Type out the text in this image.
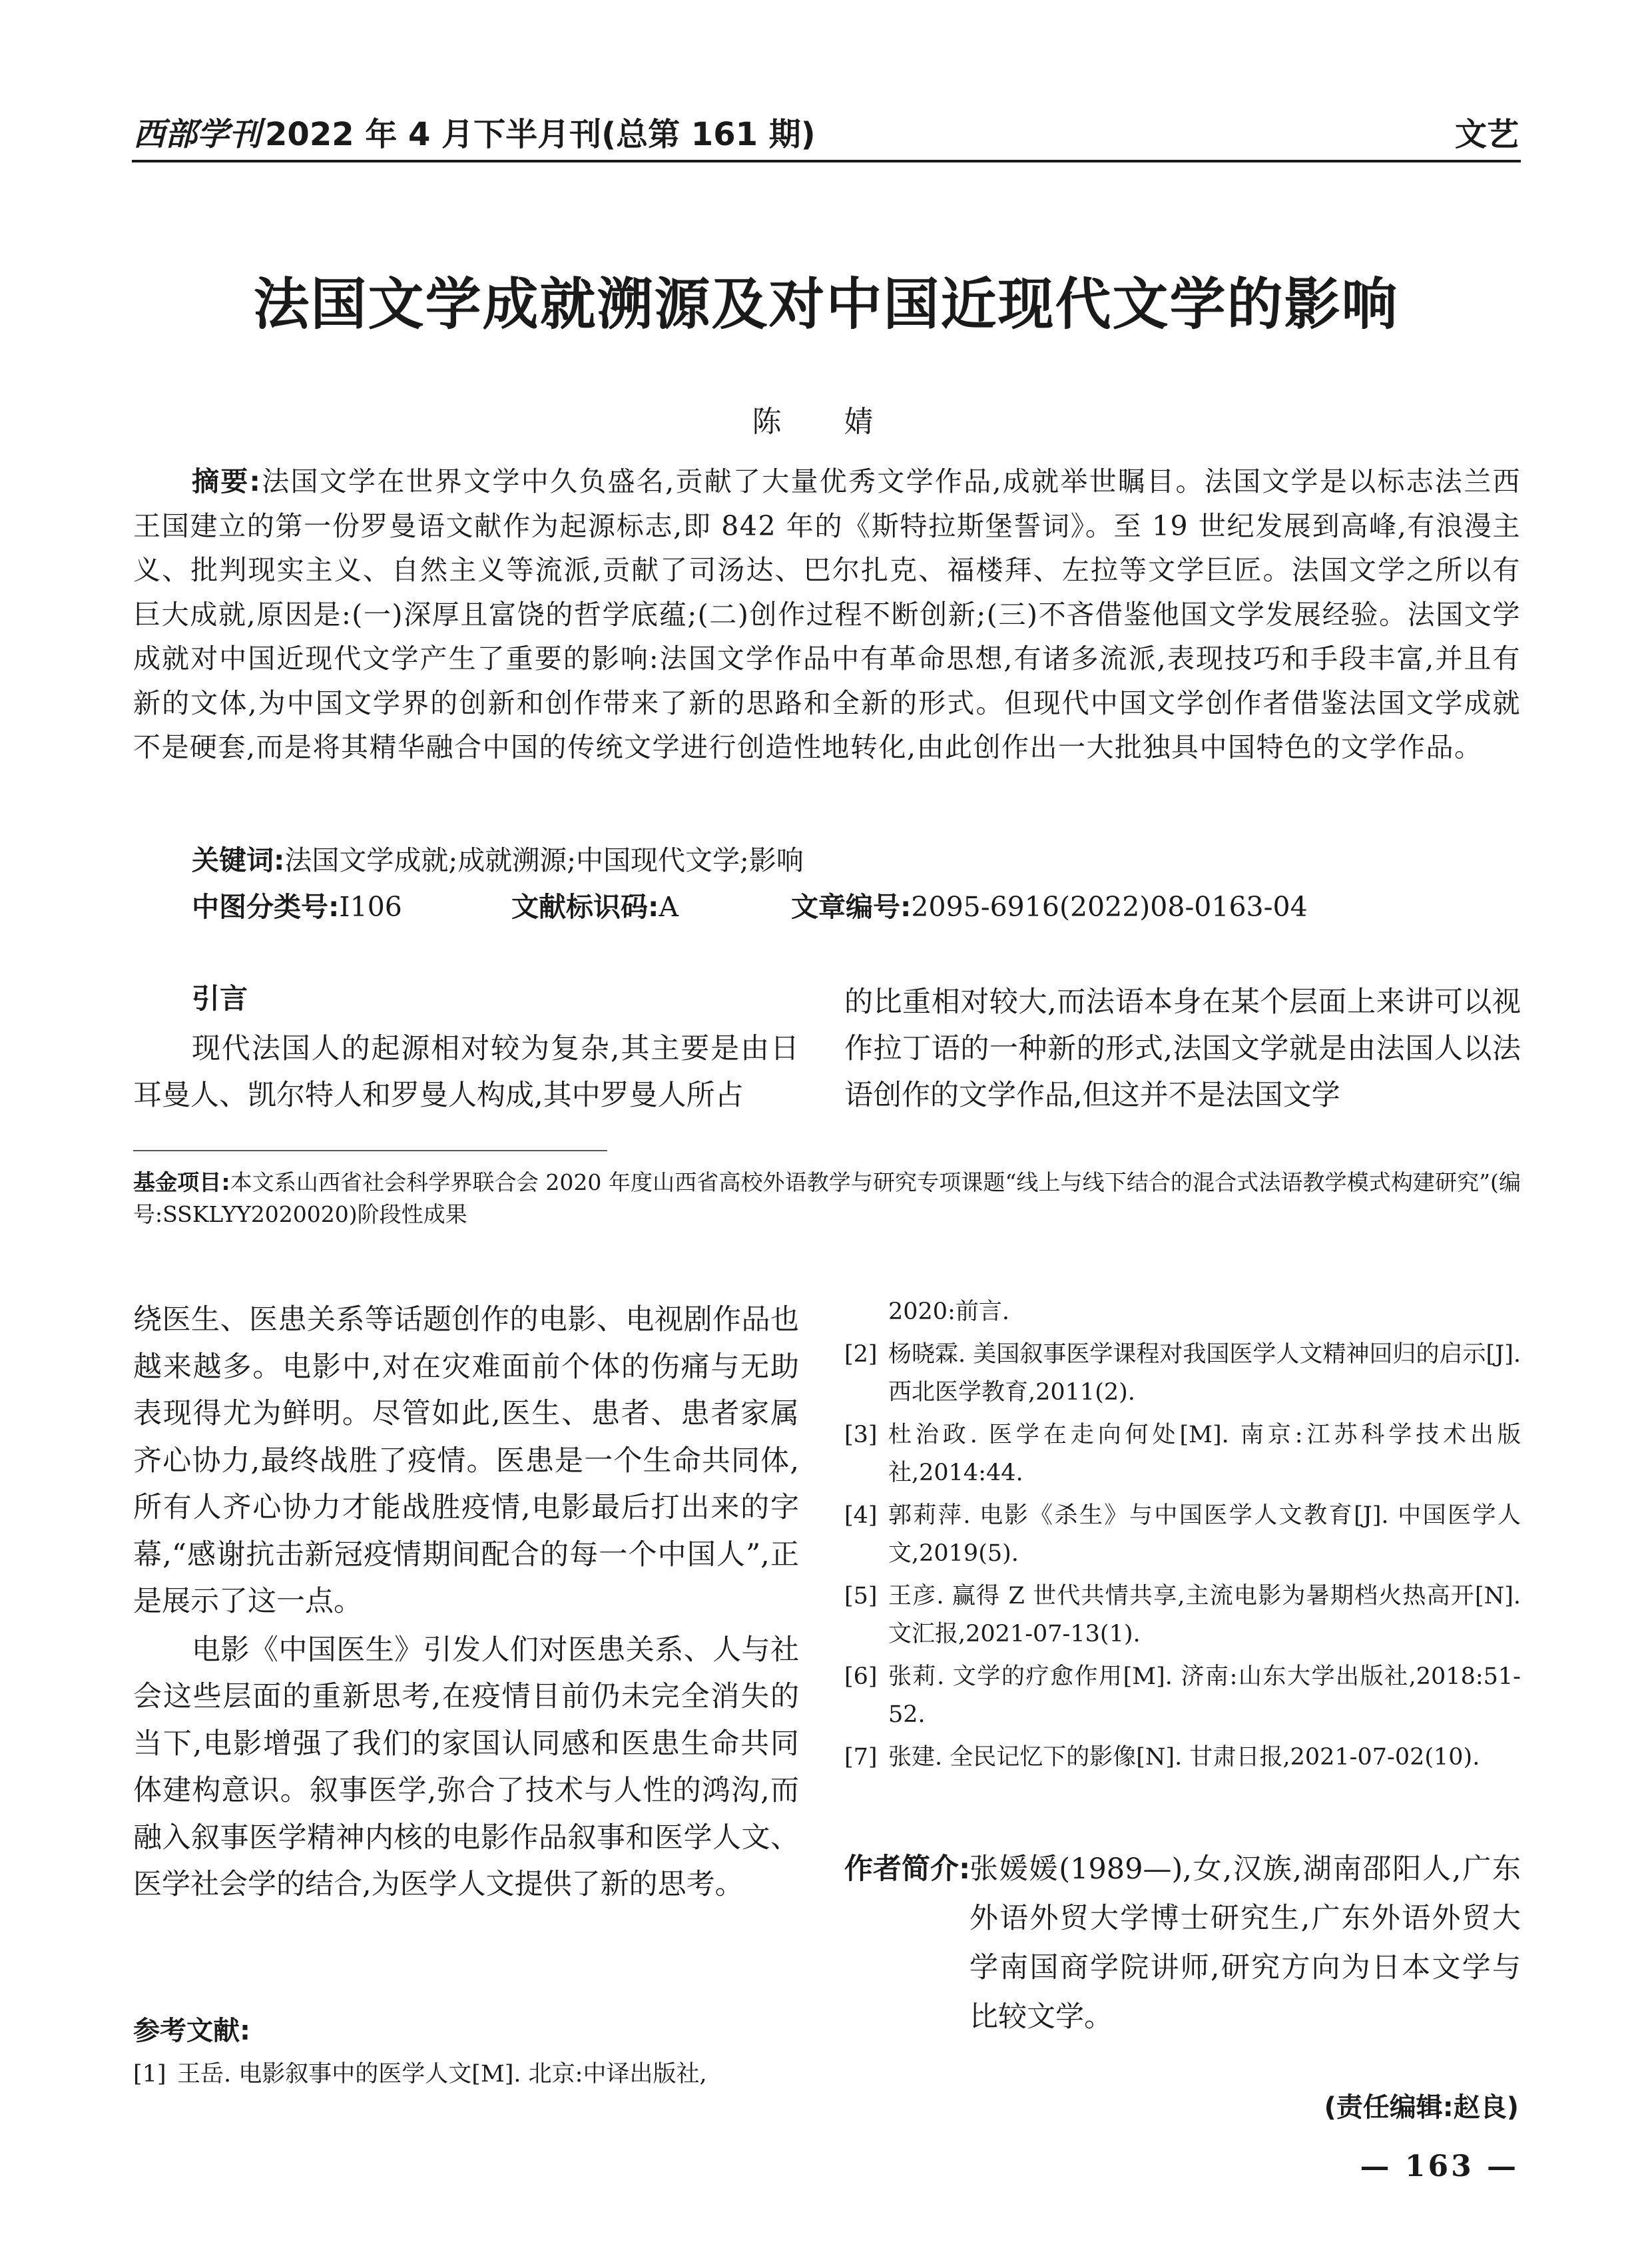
西部学刊 2022 年 4 月下半月刊(总第 161 期)	文艺
法国文学成就溯源及对中国近现代文学的影响
陈 婧
摘要:法国文学在世界文学中久负盛名,贡献了大量优秀文学作品,成就举世瞩目。法国文学是以标志法兰西王国建立的第一份罗曼语文献作为起源标志,即 842 年的《斯特拉斯堡誓词》。至 19 世纪发展到高峰,有浪漫主义、批判现实主义、自然主义等流派,贡献了司汤达、巴尔扎克、福楼拜、左拉等文学巨匠。法国文学之所以有巨大成就,原因是:(一)深厚且富饶的哲学底蕴;(二)创作过程不断创新;(三)不吝借鉴他国文学发展经验。法国文学成就对中国近现代文学产生了重要的影响:法国文学作品中有革命思想,有诸多流派,表现技巧和手段丰富,并且有新的文体,为中国文学界的创新和创作带来了新的思路和全新的形式。但现代中国文学创作者借鉴法国文学成就不是硬套,而是将其精华融合中国的传统文学进行创造性地转化,由此创作出一大批独具中国特色的文学作品。
关键词:法国文学成就;成就溯源;中国现代文学;影响
中图分类号:I106	文献标识码:A	文章编号:2095-6916(2022)08-0163-04
引言
现代法国人的起源相对较为复杂,其主要是由日耳曼人、凯尔特人和罗曼人构成,其中罗曼人所占
的比重相对较大,而法语本身在某个层面上来讲可以视作拉丁语的一种新的形式,法国文学就是由法国人以法语创作的文学作品,但这并不是法国文学
基金项目:本文系山西省社会科学界联合会 2020 年度山西省高校外语教学与研究专项课题“线上与线下结合的混合式法语教学模式构建研究”(编号:SSKLYY2020020)阶段性成果

绕医生、医患关系等话题创作的电影、电视剧作品也越来越多。电影中,对在灾难面前个体的伤痛与无助表现得尤为鲜明。尽管如此,医生、患者、患者家属齐心协力,最终战胜了疫情。医患是一个生命共同体,所有人齐心协力才能战胜疫情,电影最后打出来的字幕,“感谢抗击新冠疫情期间配合的每一个中国人”,正是展示了这一点。

电影《中国医生》引发人们对医患关系、人与社会这些层面的重新思考,在疫情目前仍未完全消失的当下,电影增强了我们的家国认同感和医患生命共同体建构意识。叙事医学,弥合了技术与人性的鸿沟,而融入叙事医学精神内核的电影作品叙事和医学人文、医学社会学的结合,为医学人文提供了新的思考。

参考文献:
[1] 王岳. 电影叙事中的医学人文[M]. 北京:中译出版社,
2020:前言.
[2] 杨晓霖. 美国叙事医学课程对我国医学人文精神回归的启示[J]. 西北医学教育,2011(2).
[3] 杜治政. 医学在走向何处[M]. 南京:江苏科学技术出版社,2014:44.
[4] 郭莉萍. 电影《杀生》与中国医学人文教育[J]. 中国医学人文,2019(5).
[5] 王彦. 赢得 Z 世代共情共享,主流电影为暑期档火热高开[N]. 文汇报,2021-07-13(1).
[6] 张莉. 文学的疗愈作用[M]. 济南:山东大学出版社,2018:51-52.
[7] 张建. 全民记忆下的影像[N]. 甘肃日报,2021-07-02(10).
作者简介:
张媛媛(1989—),女,汉族,湖南邵阳人,广东外语外贸大学博士研究生,广东外语外贸大学南国商学院讲师,研究方向为日本文学与比较文学。
(责任编辑:赵良)
— 163 —
